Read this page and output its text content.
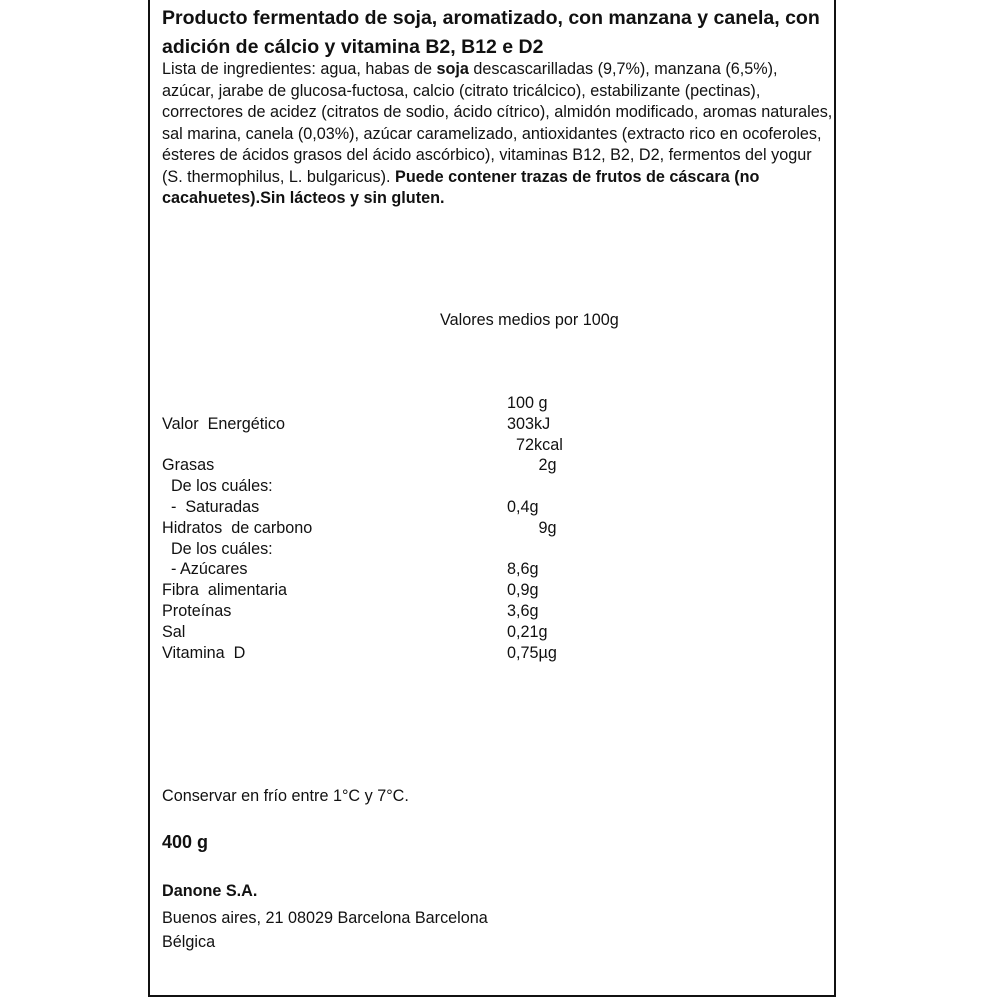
Producto fermentado de soja, aromatizado, con manzana y canela, con adición de cálcio y vitamina B2, B12 e D2

Lista de ingredientes: agua, habas de soja descascarilladas (9,7%), manzana (6,5%), azúcar, jarabe de glucosa-fuctosa, calcio (citrato tricálcico), estabilizante (pectinas), correctores de acidez (citratos de sodio, ácido cítrico), almidón modificado, aromas naturales, sal marina, canela (0,03%), azúcar caramelizado, antioxidantes (extracto rico en ocoferoles, ésteres de ácidos grasos del ácido ascórbico), vitaminas B12, B2, D2, fermentos del yogur (S. thermophilus, L. bulgaricus). Puede contener trazas de frutos de cáscara (no cacahuetes).Sin lácteos y sin gluten.

Valores medios por 100g

	100 g
Valor  Energético	303kJ
	72kcal
Grasas	2g
De los cuáles:	
-  Saturadas	0,4g
Hidratos  de carbono	9g
De los cuáles:	
- Azúcares	8,6g
Fibra  alimentaria	0,9g
Proteínas	3,6g
Sal	0,21g
Vitamina  D	0,75µg

Conservar en frío entre 1°C y 7°C.

400 g

Danone S.A.

Buenos aires, 21 08029 Barcelona Barcelona
Bélgica
